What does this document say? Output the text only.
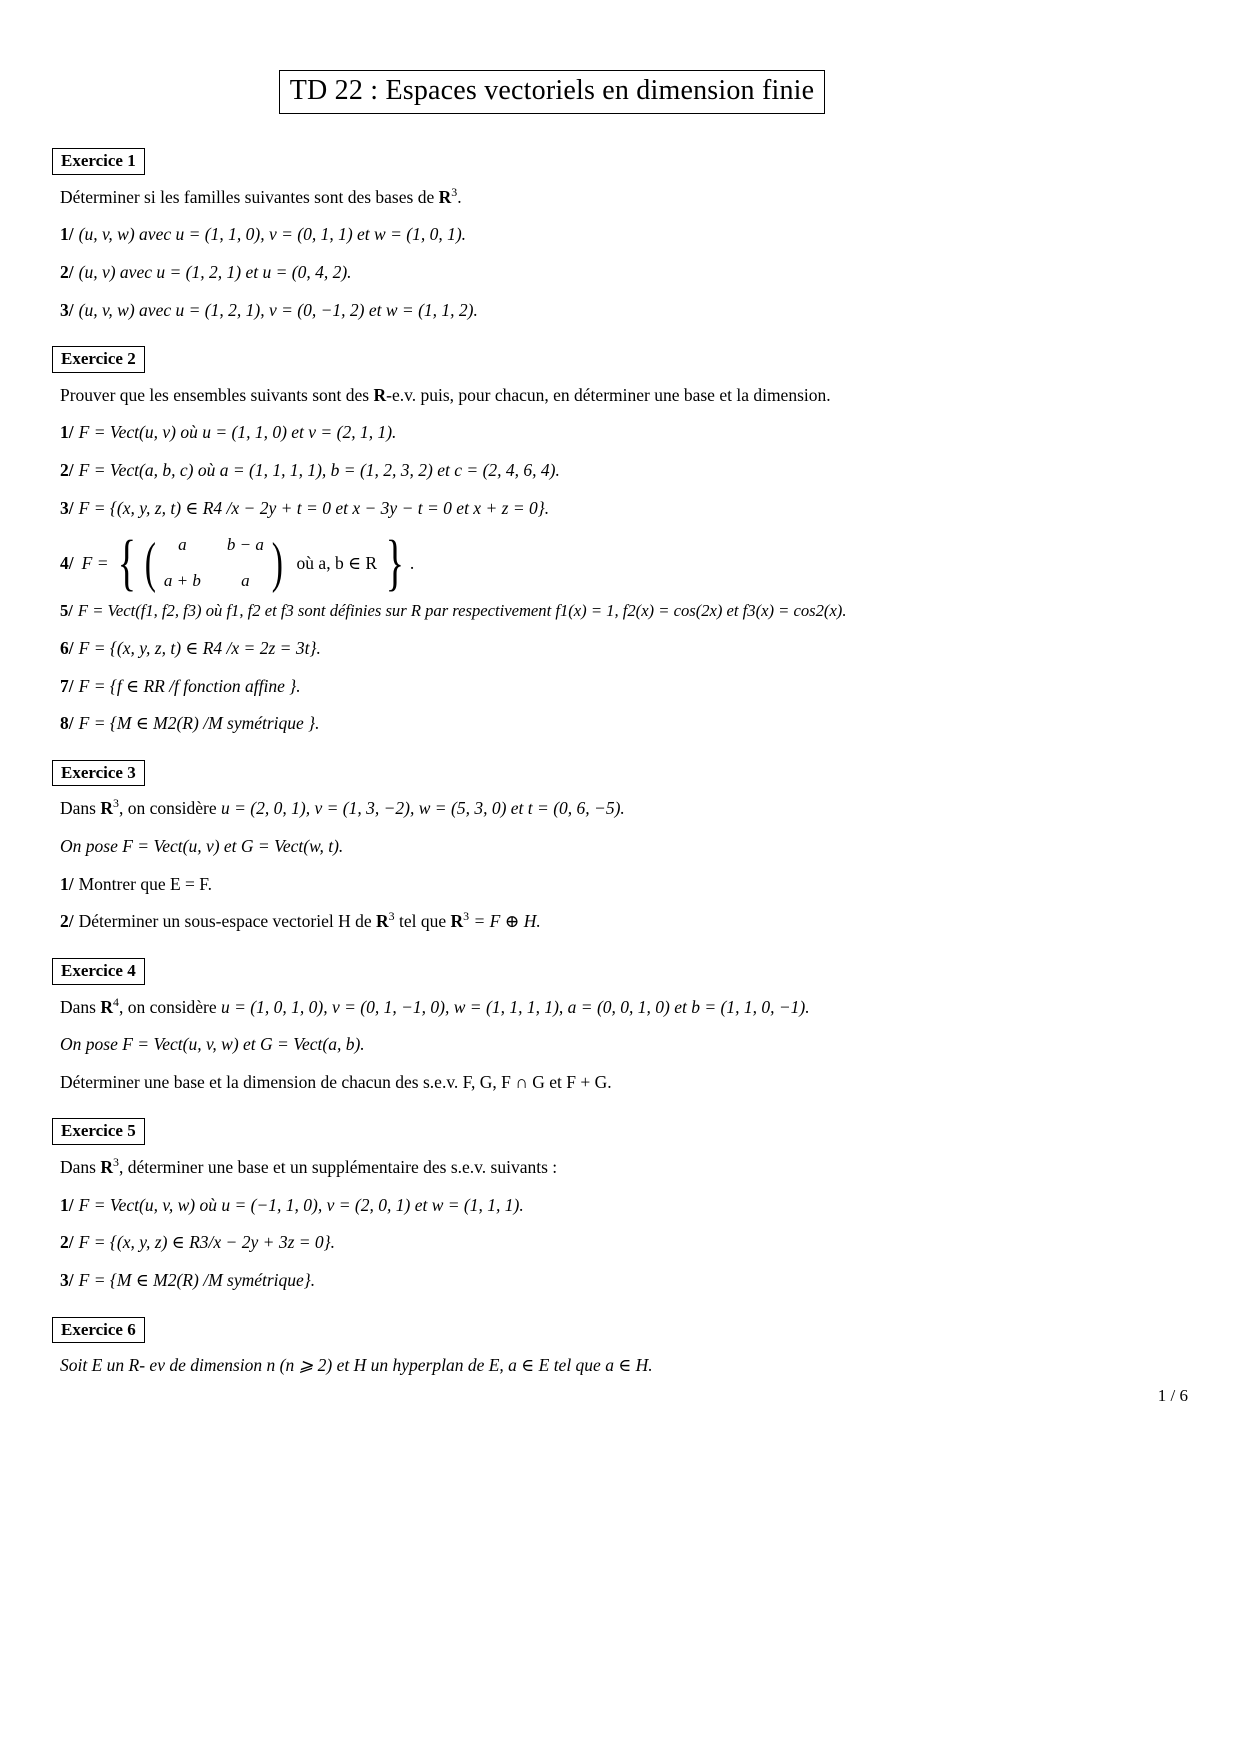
TD 22 : Espaces vectoriels en dimension finie
Exercice 1

Déterminer si les familles suivantes sont des bases de $R^3$.

1/ (u, v, w) avec u = (1, 1, 0), v = (0, 1, 1) et w = (1, 0, 1).

2/ (u, v) avec u = (1, 2, 1) et u = (0, 4, 2).

3/ (u, v, w) avec u = (1, 2, 1), v = (0, −1, 2) et w = (1, 1, 2).

Exercice 2

Prouver que les ensembles suivants sont des R-e.v. puis, pour chacun, en déterminer une base et la dimension.

1/ F = Vect(u, v) où u = (1, 1, 0) et v = (2, 1, 1).

2/ F = Vect(a, b, c) où a = (1, 1, 1, 1), b = (1, 2, 3, 2) et c = (2, 4, 6, 4).

3/ F = {(x, y, z, t) ∈ R4 /x − 2y + t = 0 et x − 3y − t = 0 et x + z = 0}.

4/ F = { (	a	b − a
a + b	a ) où a, b ∈ R } .

5/ F = Vect(f1, f2, f3) où f1, f2 et f3 sont définies sur R par respectivement f1(x) = 1, f2(x) = cos(2x) et f3(x) = cos2(x).

6/ F = {(x, y, z, t) ∈ R4 /x = 2z = 3t}.

7/ F = {f ∈ RR /f fonction affine }.

8/ F = {M ∈ M2(R) /M symétrique }.

Exercice 3

Dans $R^3$, on considère u = (2, 0, 1), v = (1, 3, −2), w = (5, 3, 0) et t = (0, 6, −5).

On pose F = Vect(u, v) et G = Vect(w, t).

1/ Montrer que E = F.

2/ Déterminer un sous-espace vectoriel H de $R^3$ tel que $R^3 = F$ ⊕ H.

Exercice 4

Dans $R^4$, on considère u = (1, 0, 1, 0), v = (0, 1, −1, 0), w = (1, 1, 1, 1), a = (0, 0, 1, 0) et b = (1, 1, 0, −1).

On pose F = Vect(u, v, w) et G = Vect(a, b).

Déterminer une base et la dimension de chacun des s.e.v. F, G, F ∩ G et F + G.

Exercice 5

Dans $R^3$, déterminer une base et un supplémentaire des s.e.v. suivants :

1/ F = Vect(u, v, w) où u = (−1, 1, 0), v = (2, 0, 1) et w = (1, 1, 1).

2/ F = {(x, y, z) ∈ R3/x − 2y + 3z = 0}.

3/ F = {M ∈ M2(R) /M symétrique}.

Exercice 6

Soit E un R- ev de dimension n (n ⩾ 2) et H un hyperplan de E, a ∈ E tel que a ∈ H.

1 / 6
